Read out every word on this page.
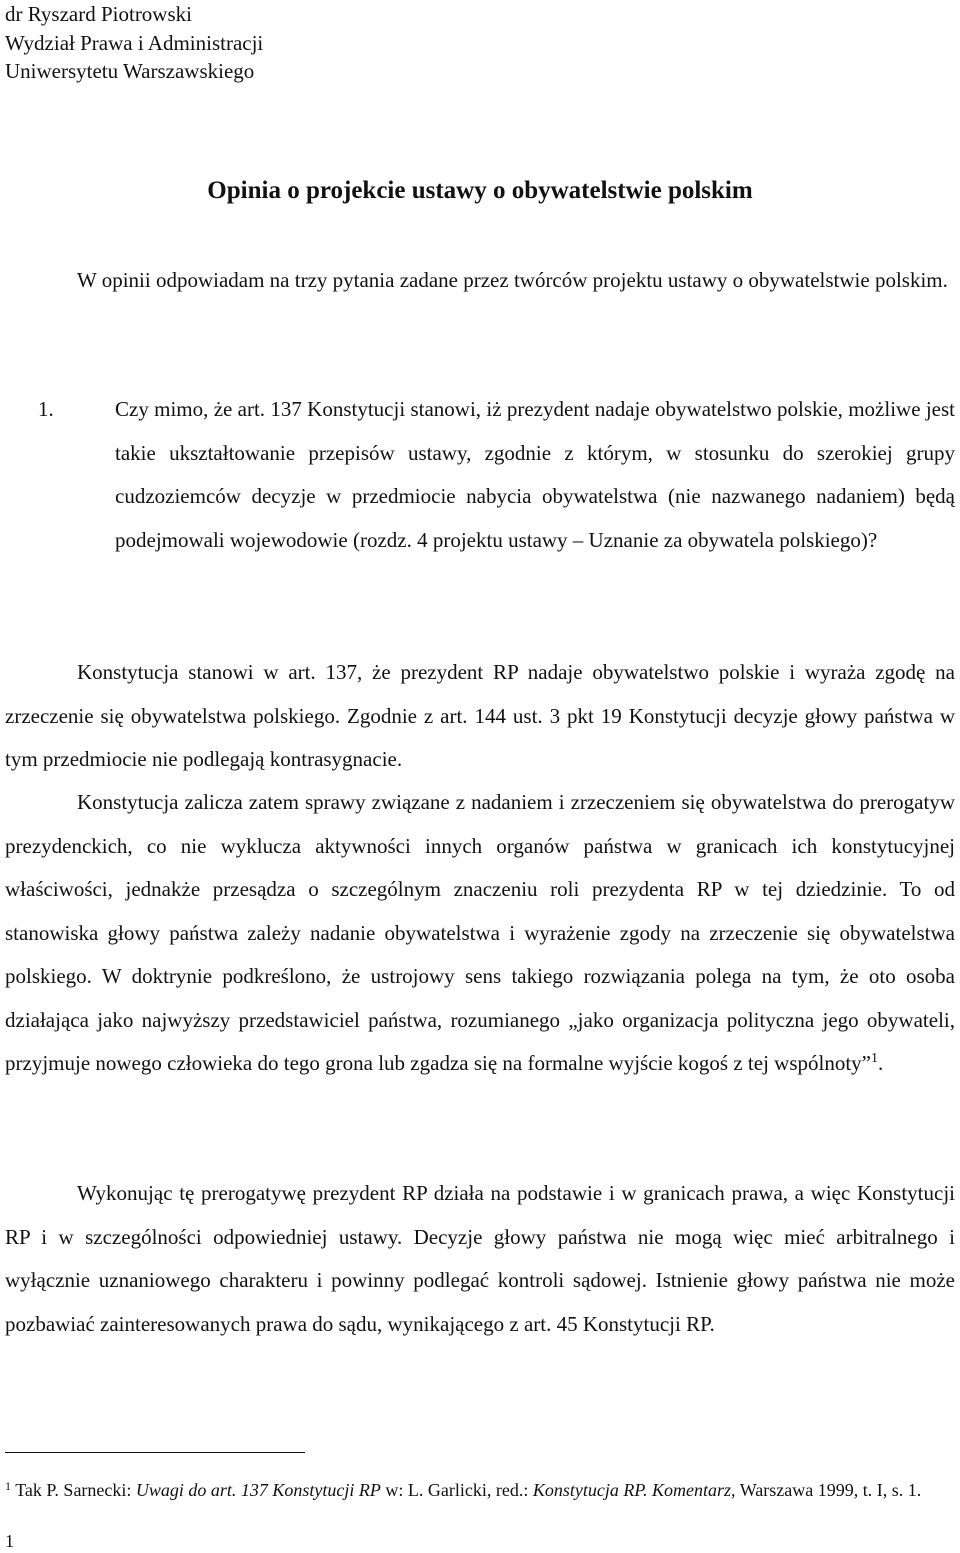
dr Ryszard Piotrowski
Wydział Prawa i Administracji
Uniwersytetu Warszawskiego
Opinia o projekcie ustawy o obywatelstwie polskim

W opinii odpowiadam na trzy pytania zadane przez twórców projektu ustawy o obywatelstwie polskim.

1.	Czy mimo, że art. 137 Konstytucji stanowi, iż prezydent nadaje obywatelstwo polskie, możliwe jest takie ukształtowanie przepisów ustawy, zgodnie z którym, w stosunku do szerokiej grupy cudzoziemców decyzje w przedmiocie nabycia obywatelstwa (nie nazwanego nadaniem) będą podejmowali wojewodowie (rozdz. 4 projektu ustawy – Uznanie za obywatela polskiego)?

Konstytucja stanowi w art. 137, że prezydent RP nadaje obywatelstwo polskie i wyraża zgodę na zrzeczenie się obywatelstwa polskiego. Zgodnie z art. 144 ust. 3 pkt 19 Konstytucji decyzje głowy państwa w tym przedmiocie nie podlegają kontrasygnacie.

Konstytucja zalicza zatem sprawy związane z nadaniem i zrzeczeniem się obywatelstwa do prerogatyw prezydenckich, co nie wyklucza aktywności innych organów państwa w granicach ich konstytucyjnej właściwości, jednakże przesądza o szczególnym znaczeniu roli prezydenta RP w tej dziedzinie. To od stanowiska głowy państwa zależy nadanie obywatelstwa i wyrażenie zgody na zrzeczenie się obywatelstwa polskiego. W doktrynie podkreślono, że ustrojowy sens takiego rozwiązania polega na tym, że oto osoba działająca jako najwyższy przedstawiciel państwa, rozumianego „jako organizacja polityczna jego obywateli, przyjmuje nowego człowieka do tego grona lub zgadza się na formalne wyjście kogoś z tej wspólnoty”$^1$.

Wykonując tę prerogatywę prezydent RP działa na podstawie i w granicach prawa, a więc Konstytucji RP i w szczególności odpowiedniej ustawy. Decyzje głowy państwa nie mogą więc mieć arbitralnego i wyłącznie uznaniowego charakteru i powinny podlegać kontroli sądowej. Istnienie głowy państwa nie może pozbawiać zainteresowanych prawa do sądu, wynikającego z art. 45 Konstytucji RP.

$^1$ Tak P. Sarnecki: Uwagi do art. 137 Konstytucji RP w: L. Garlicki, red.: Konstytucja RP. Komentarz, Warszawa 1999, t. I, s. 1.

1
